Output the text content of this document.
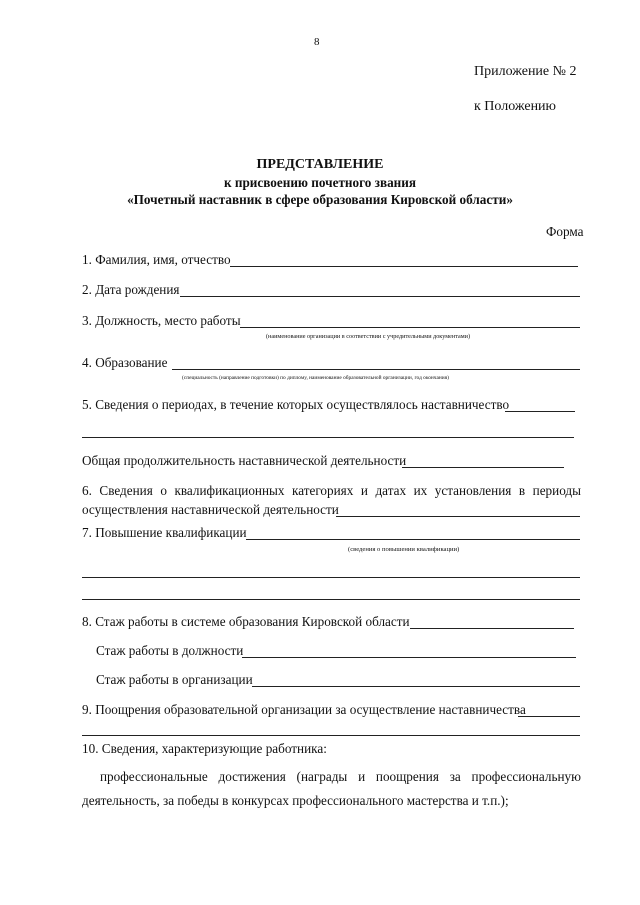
8
Приложение № 2
к Положению
ПРЕДСТАВЛЕНИЕ
к присвоению почетного звания
«Почетный наставник в сфере образования Кировской области»
Форма
1. Фамилия, имя, отчество
2. Дата рождения
3. Должность, место работы
(наименование организации в соответствии с учредительными документами)
4. Образование
(специальность (направление подготовки) по диплому, наименование образовательной организации, год окончания)
5. Сведения о периодах, в течение которых осуществлялось наставничество
Общая продолжительность наставнической деятельности
6. Сведения о квалификационных категориях и датах их установления в периоды
осуществления наставнической деятельности
7. Повышение квалификации
(сведения о повышении квалификации)
8. Стаж работы в системе образования Кировской области
Стаж работы в должности
Стаж работы в организации
9. Поощрения образовательной организации за осуществление наставничества
10. Сведения, характеризующие работника:
профессиональные достижения (награды и поощрения за профессиональную
деятельность, за победы в конкурсах профессионального мастерства и т.п.);
